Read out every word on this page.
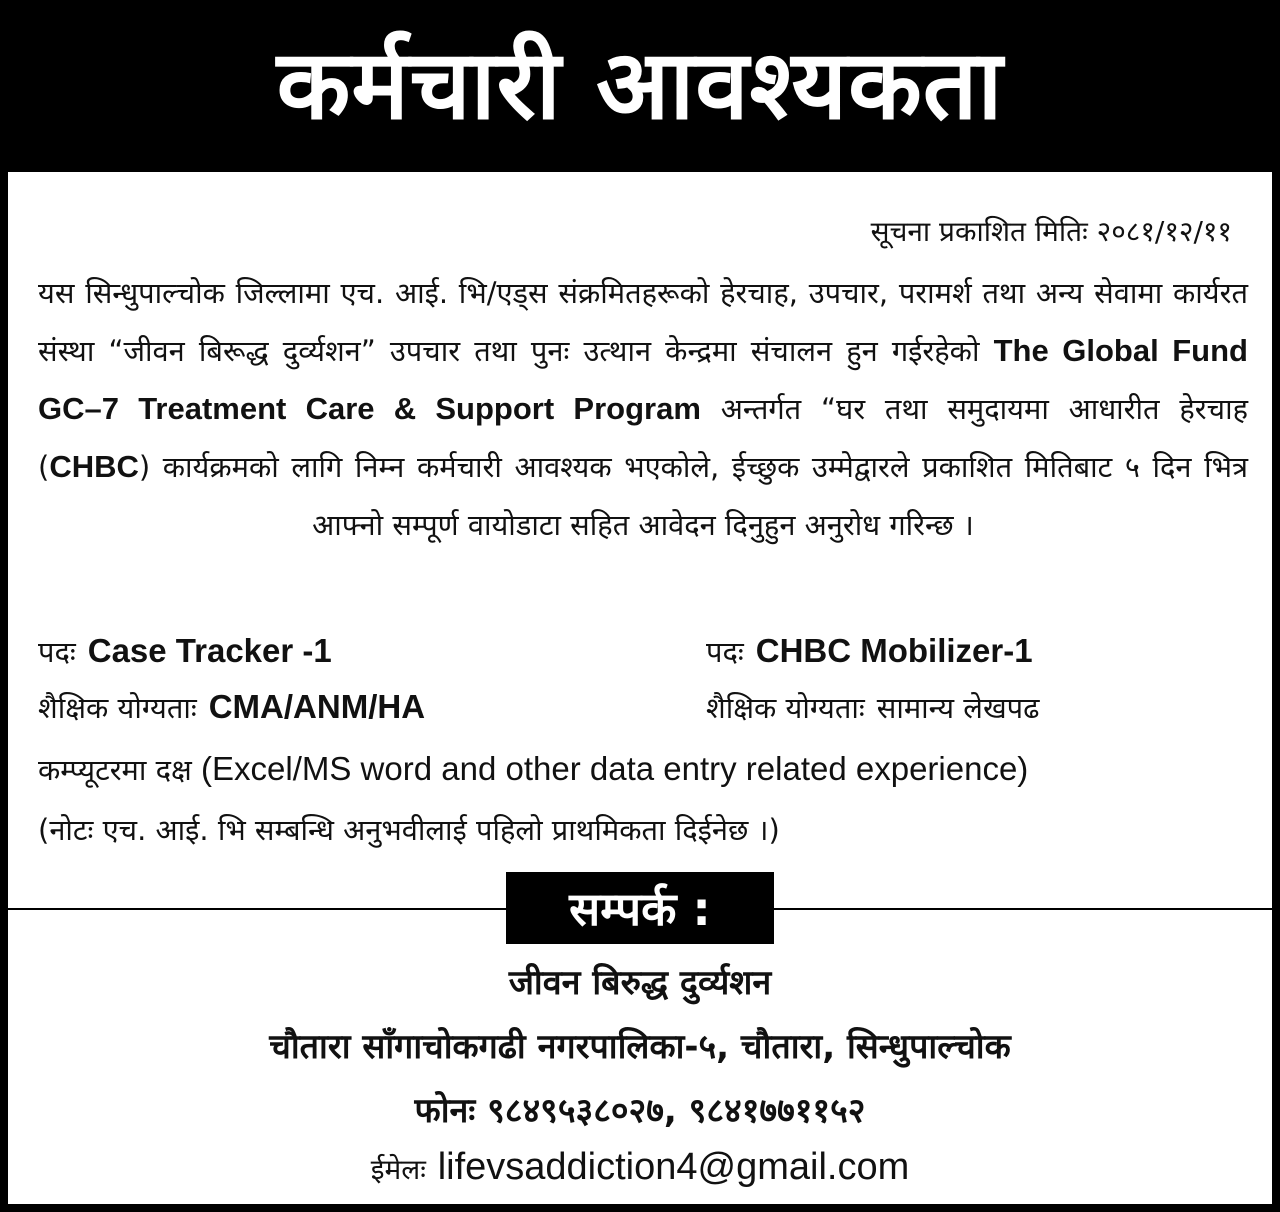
कर्मचारी आवश्यकता
सूचना प्रकाशित मितिः २०८१/१२/११
यस सिन्धुपाल्चोक जिल्लामा एच. आई. भि/एड्स संक्रमितहरूको हेरचाह, उपचार, परामर्श तथा अन्य सेवामा कार्यरत संस्था “जीवन बिरूद्ध दुर्व्यशन” उपचार तथा पुनः उत्थान केन्द्रमा संचालन हुन गईरहेको The Global Fund GC–7 Treatment Care & Support Program अन्तर्गत “घर तथा समुदायमा आधारीत हेरचाह (CHBC) कार्यक्रमको लागि निम्न कर्मचारी आवश्यक भएकोले, ईच्छुक उम्मेद्वारले प्रकाशित मितिबाट ५ दिन भित्र आफ्नो सम्पूर्ण वायोडाटा सहित आवेदन दिनुहुन अनुरोध गरिन्छ ।
पदः Case Tracker -1
शैक्षिक योग्यताः CMA/ANM/HA
पदः CHBC Mobilizer-1
शैक्षिक योग्यताः सामान्य लेखपढ
कम्प्यूटरमा दक्ष (Excel/MS word and other data entry related experience)
(नोटः एच. आई. भि सम्बन्धि अनुभवीलाई पहिलो प्राथमिकता दिईनेछ ।)
सम्पर्क :
जीवन बिरुद्ध दुर्व्यशन
चौतारा साँगाचोकगढी नगरपालिका-५, चौतारा, सिन्धुपाल्चोक
फोनः ९८४९५३८०२७, ९८४१७७११५२
ईमेलः lifevsaddiction4@gmail.com
